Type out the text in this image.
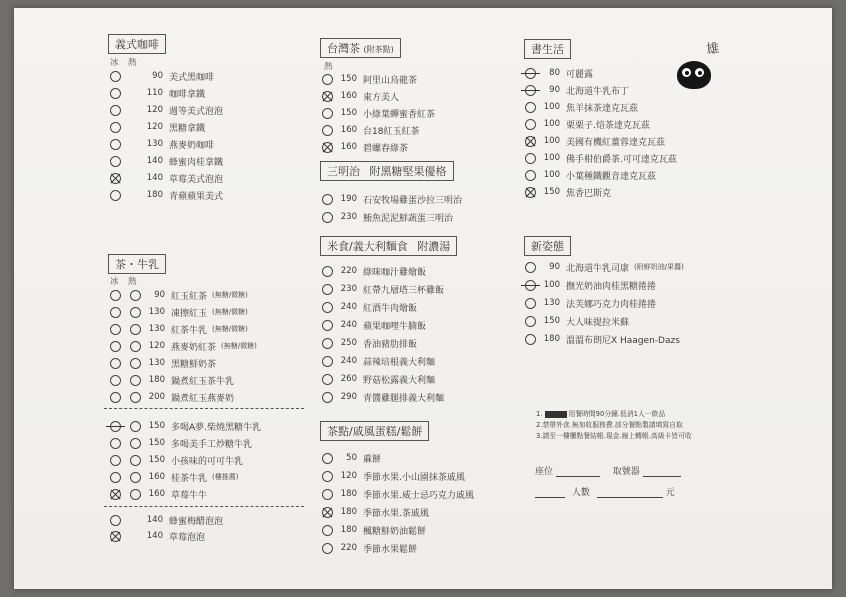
義式咖啡
冰 熱
90 美式黑咖啡
110 咖啡拿鐵
120 週等美式泡泡
120 黑糖拿鐵
130 燕麥奶咖啡
140 蜂蜜肉桂拿鐵
140 草莓美式泡泡
180 青蘋蘋果美式
茶・牛乳
冰 熱
90 紅玉紅茶 (無糖/微糖)
130 凍擦紅玉 (無糖/微糖)
130 紅茶牛乳 (無糖/微糖)
120 燕麥奶紅茶 (無糖/微糖)
130 黑糖鮮奶茶
180 鍋煮紅玉茶牛乳
200 鍋煮紅玉燕麥奶
150 多喝A夢.柴燒黑糖牛乳
150 多喝美手工炒糖牛乳
150 小孩味的可可牛乳
160 桂茶牛乳 (樓推薦)
160 草莓牛牛
140 蜂蜜梅醋泡泡
140 草莓泡泡
台灣茶 (附茶點)
熱
150 阿里山烏龍茶
160 東方美人
150 小綠葉蟬蜜香紅茶
160 台18紅玉紅茶
160 碧螺春綠茶
三明治 附黑糖堅果優格
190 石安牧場雞蛋沙拉三明治
230 鮪魚泥泥鮮蔬蛋三明治
米食/義大利麵食 附濃湯
220 綠咪咖汁雞燴飯
230 紅帶九層塔三杯雞飯
240 紅酒牛肉燴飯
240 蘋果咖哩牛腩飯
250 香油豬肋排飯
240 蒜辣培根義大利麵
260 野菇松露義大利麵
290 青醬雞腿排義大利麵
茶點/戚風蛋糕/鬆餅
50 蔴餅
120 季節水果.小山園抹茶戚風
180 季節水果.威士忌巧克力戚風
180 季節水果.茶戚風
180 楓糖鮮奶油鬆餅
220 季節水果鬆餅
書生活	雄
80 可麗露
90 北海道牛乳布丁
100 焦羊抹茶達克瓦茲
100 栗栗子.焙茶達克瓦茲
100 美國有機紅薑蓉達克瓦茲
100 佛手柑伯爵茶.可可達克瓦茲
100 小葉種鐵觀音達克瓦茲
150 焦香巴斯克
新姿態
90 北海道牛乳司康 (附鮮奶油/果醬)
100 撫光奶油肉桂黑糖捲捲
130 法芙娜巧克力肉桂捲捲
150 大人味提拉米蘇
180 溫溫布朗尼X Haagen-Dazs
1.	用餐時間90分鐘.低消1人一飲品
2.禁帶外食.無加收服務費.部分餐點製請填寫自取
3.請至一樓櫃點餐結帳.現金.線上轉帳.高級卡皆可收
座位	取號器
人數	元
